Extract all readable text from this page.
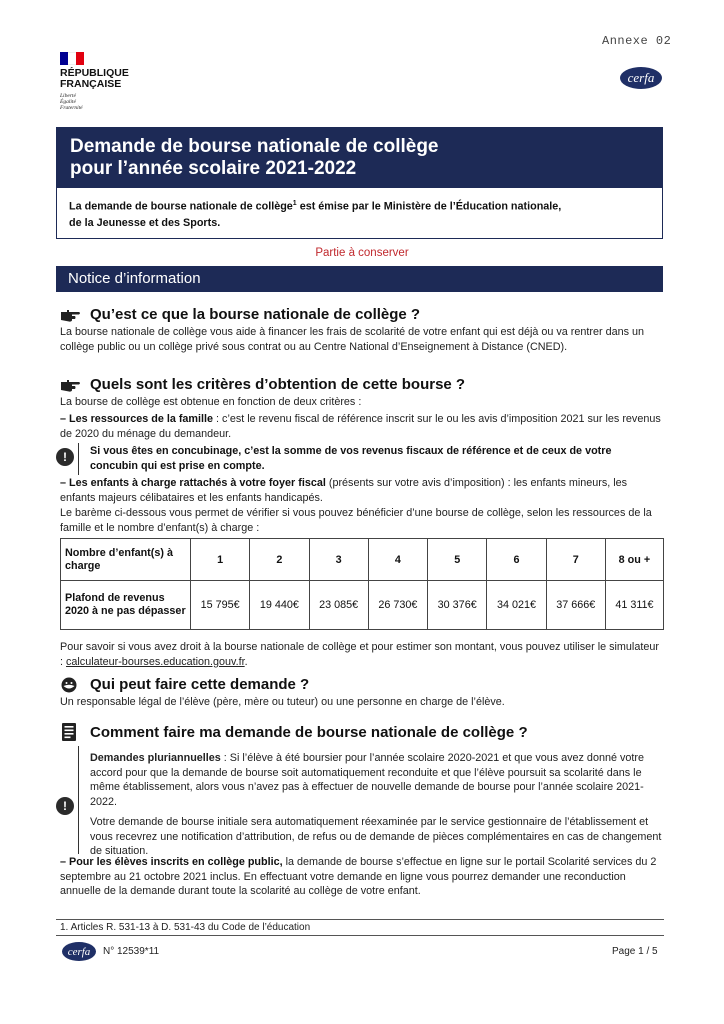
Annexe 02
RÉPUBLIQUE
FRANÇAISE
Liberté
Égalité
Fraternité
cerfa
Demande de bourse nationale de collège
pour l’année scolaire 2021-2022
La demande de bourse nationale de collège$^1$ est émise par le Ministère de l’Éducation nationale,
de la Jeunesse et des Sports.
Partie à conserver
Notice d’information
Qu’est ce que la bourse nationale de collège ?
La bourse nationale de collège vous aide à financer les frais de scolarité de votre enfant qui est déjà ou va rentrer dans un collège public ou un collège privé sous contrat ou au Centre National d’Enseignement à Distance (CNED).
Quels sont les critères d’obtention de cette bourse ?
La bourse de collège est obtenue en fonction de deux critères :
– Les ressources de la famille : c’est le revenu fiscal de référence inscrit sur le ou les avis d’imposition 2021 sur les revenus de 2020 du ménage du demandeur.
!	Si vous êtes en concubinage, c’est la somme de vos revenus fiscaux de référence et de ceux de votre concubin qui est prise en compte.
– Les enfants à charge rattachés à votre foyer fiscal (présents sur votre avis d’imposition) : les enfants mineurs, les enfants majeurs célibataires et les enfants handicapés.
Le barème ci-dessous vous permet de vérifier si vous pouvez bénéficier d’une bourse de collège, selon les ressources de la famille et le nombre d’enfant(s) à charge :
Nombre d’enfant(s) à charge	1	2	3	4	5	6	7	8 ou +
Plafond de revenus 2020 à ne pas dépasser	15 795€	19 440€	23 085€	26 730€	30 376€	34 021€	37 666€	41 311€
Pour savoir si vous avez droit à la bourse nationale de collège et pour estimer son montant, vous pouvez utiliser le simulateur : calculateur-bourses.education.gouv.fr.
Qui peut faire cette demande ?
Un responsable légal de l’élève (père, mère ou tuteur) ou une personne en charge de l’élève.
Comment faire ma demande de bourse nationale de collège ?
!
Demandes pluriannuelles : Si l’élève à été boursier pour l’année scolaire 2020-2021 et que vous avez donné votre accord pour que la demande de bourse soit automatiquement reconduite et que l’élève poursuit sa scolarité dans le même établissement, alors vous n’avez pas à effectuer de nouvelle demande de bourse pour l’année scolaire 2021- 2022.
Votre demande de bourse initiale sera automatiquement réexaminée par le service gestionnaire de l’établissement et vous recevrez une notification d’attribution, de refus ou de demande de pièces complémentaires en cas de changement de situation.
– Pour les élèves inscrits en collège public, la demande de bourse s’effectue en ligne sur le portail Scolarité services du 2 septembre au 21 octobre 2021 inclus. En effectuant votre demande en ligne vous pourrez demander une reconduction annuelle de la demande durant toute la scolarité au collège de votre enfant.
1. Articles R. 531-13 à D. 531-43 du Code de l’éducation
cerfa	N° 12539*11	Page 1 / 5
